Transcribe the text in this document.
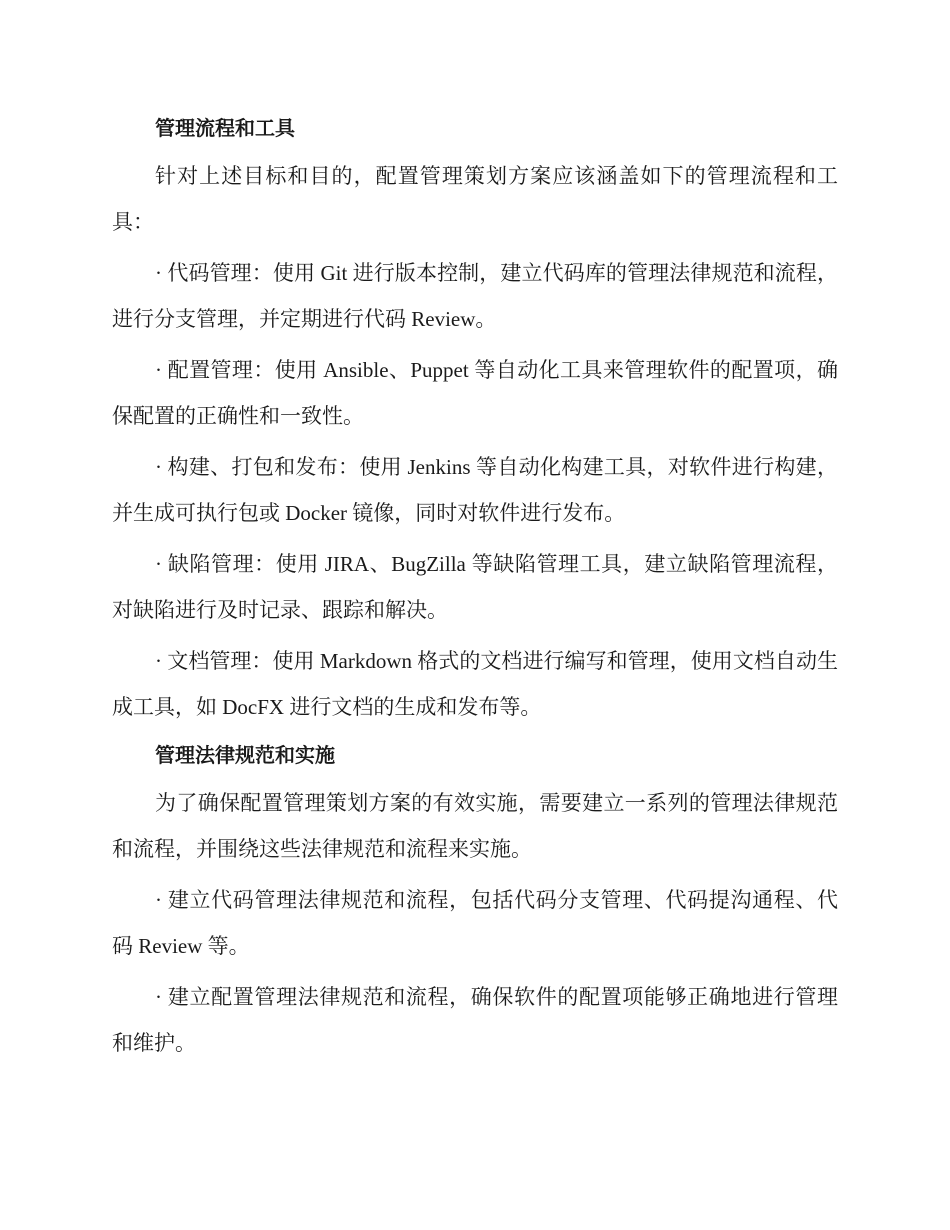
管理流程和工具

针对上述目标和目的，配置管理策划方案应该涵盖如下的管理流程和工具：

· 代码管理：使用 Git 进行版本控制，建立代码库的管理法律规范和流程，进行分支管理，并定期进行代码 Review。

· 配置管理：使用 Ansible、Puppet 等自动化工具来管理软件的配置项，确保配置的正确性和一致性。

· 构建、打包和发布：使用 Jenkins 等自动化构建工具，对软件进行构建，并生成可执行包或 Docker 镜像，同时对软件进行发布。

· 缺陷管理：使用 JIRA、BugZilla 等缺陷管理工具，建立缺陷管理流程，对缺陷进行及时记录、跟踪和解决。

· 文档管理：使用 Markdown 格式的文档进行编写和管理，使用文档自动生成工具，如 DocFX 进行文档的生成和发布等。

管理法律规范和实施

为了确保配置管理策划方案的有效实施，需要建立一系列的管理法律规范和流程，并围绕这些法律规范和流程来实施。

· 建立代码管理法律规范和流程，包括代码分支管理、代码提沟通程、代码 Review 等。

· 建立配置管理法律规范和流程，确保软件的配置项能够正确地进行管理和维护。
